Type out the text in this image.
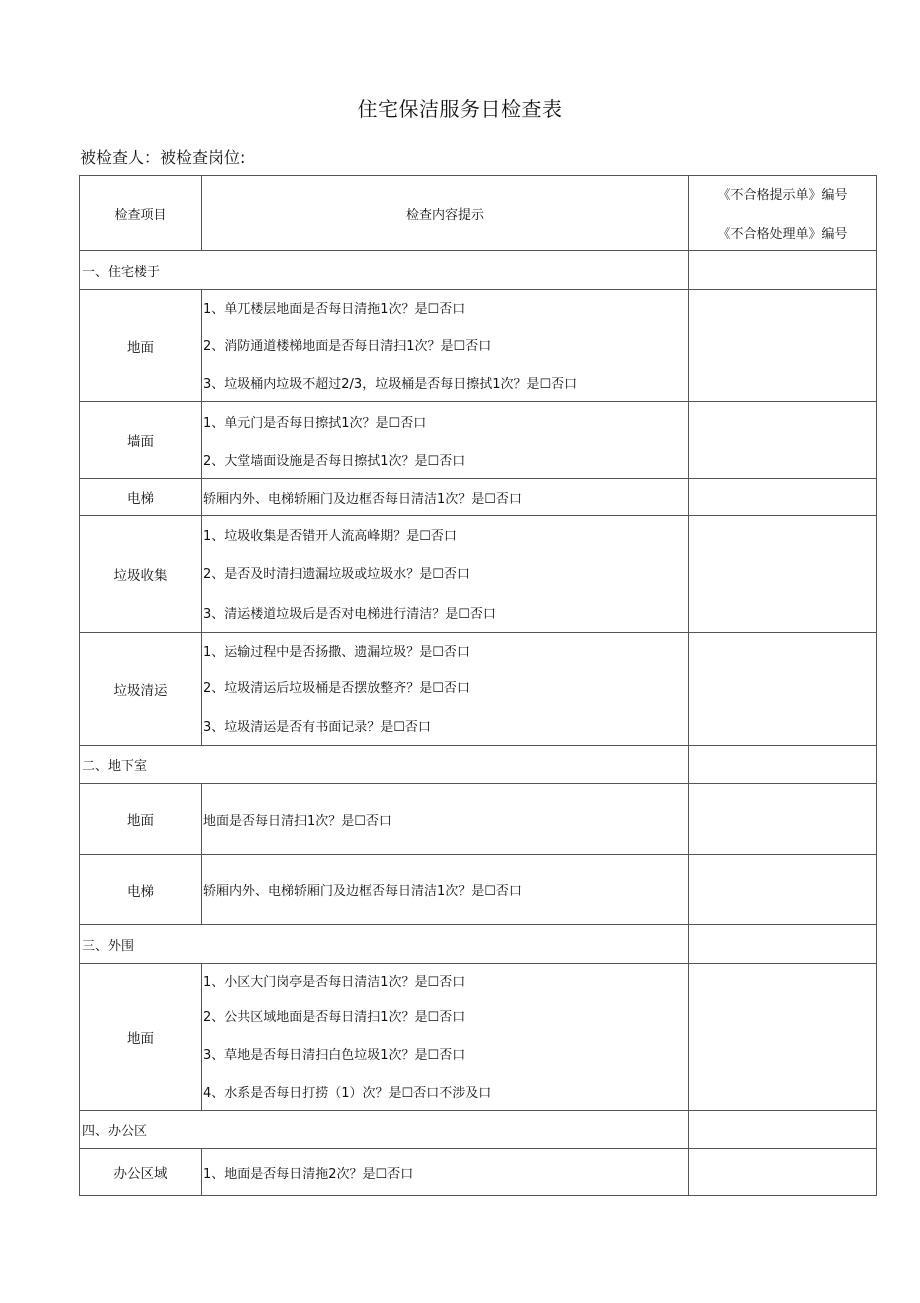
住宅保洁服务日检查表
被检查人：被检查岗位:
检查项目	检查内容提示	《不合格提示单》编号
《不合格处理单》编号

一、住宅楼于		
地面	1、单兀楼层地面是否每日清拖1次？是☐否口
2、消防通道楼梯地面是否每日清扫1次？是☐否口
3、垃圾桶内垃圾不超过2/3，垃圾桶是否每日擦拭1次？是☐否口	

墙面	1、单元门是否每日擦拭1次？是☐否口
2、大堂墙面设施是否每日擦拭1次？是☐否口	

电梯	轿厢内外、电梯轿厢门及边框否每日清洁1次？是☐否口	

垃圾收集	1、垃圾收集是否错开人流高峰期？是☐否口
2、是否及时清扫遗漏垃圾或垃圾水？是☐否口
3、清运楼道垃圾后是否对电梯进行清洁？是☐否口	

垃圾清运	1、运输过程中是否扬撒、遗漏垃圾？是☐否口
2、垃圾清运后垃圾桶是否摆放整齐？是☐否口
3、垃圾清运是否有书面记录？是☐否口	

二、地下室		
地面	地面是否每日清扫1次？是☐否口	

电梯	轿厢内外、电梯轿厢门及边框否每日清洁1次？是☐否口	

三、外围		
地面	1、小区大门岗亭是否每日清洁1次？是☐否口
2、公共区域地面是否每日清扫1次？是☐否口
3、草地是否每日清扫白色垃圾1次？是☐否口
4、水系是否每日打捞（1）次？是☐否口不涉及口	

四、办公区		
办公区域	1、地面是否每日清拖2次？是☐否口	
